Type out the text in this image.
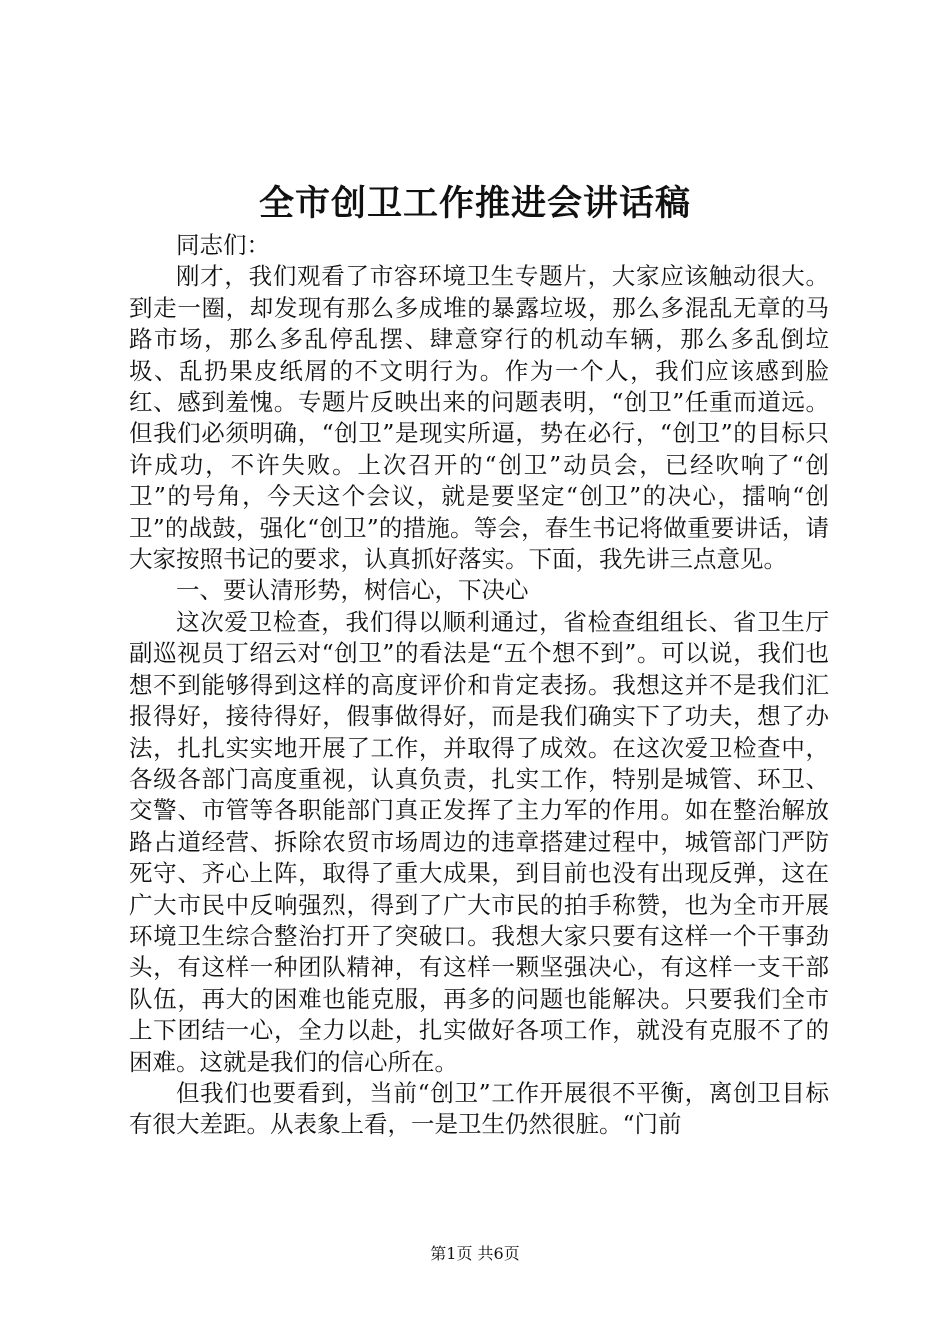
全市创卫工作推进会讲话稿

同志们：

刚才，我们观看了市容环境卫生专题片，大家应该触动很大。到走一圈，却发现有那么多成堆的暴露垃圾，那么多混乱无章的马路市场，那么多乱停乱摆、肆意穿行的机动车辆，那么多乱倒垃圾、乱扔果皮纸屑的不文明行为。作为一个人，我们应该感到脸红、感到羞愧。专题片反映出来的问题表明，“创卫”任重而道远。但我们必须明确，“创卫”是现实所逼，势在必行，“创卫”的目标只许成功，不许失败。上次召开的“创卫”动员会，已经吹响了“创卫”的号角，今天这个会议，就是要坚定“创卫”的决心，擂响“创卫”的战鼓，强化“创卫”的措施。等会，春生书记将做重要讲话，请大家按照书记的要求，认真抓好落实。下面，我先讲三点意见。

一、要认清形势，树信心，下决心

这次爱卫检查，我们得以顺利通过，省检查组组长、省卫生厅副巡视员丁绍云对“创卫”的看法是“五个想不到”。可以说，我们也想不到能够得到这样的高度评价和肯定表扬。我想这并不是我们汇报得好，接待得好，假事做得好，而是我们确实下了功夫，想了办法，扎扎实实地开展了工作，并取得了成效。在这次爱卫检查中，各级各部门高度重视，认真负责，扎实工作，特别是城管、环卫、交警、市管等各职能部门真正发挥了主力军的作用。如在整治解放路占道经营、拆除农贸市场周边的违章搭建过程中，城管部门严防死守、齐心上阵，取得了重大成果，到目前也没有出现反弹，这在广大市民中反响强烈，得到了广大市民的拍手称赞，也为全市开展环境卫生综合整治打开了突破口。我想大家只要有这样一个干事劲头，有这样一种团队精神，有这样一颗坚强决心，有这样一支干部队伍，再大的困难也能克服，再多的问题也能解决。只要我们全市上下团结一心，全力以赴，扎实做好各项工作，就没有克服不了的困难。这就是我们的信心所在。

但我们也要看到，当前“创卫”工作开展很不平衡，离创卫目标有很大差距。从表象上看，一是卫生仍然很脏。“门前

第1页 共6页
